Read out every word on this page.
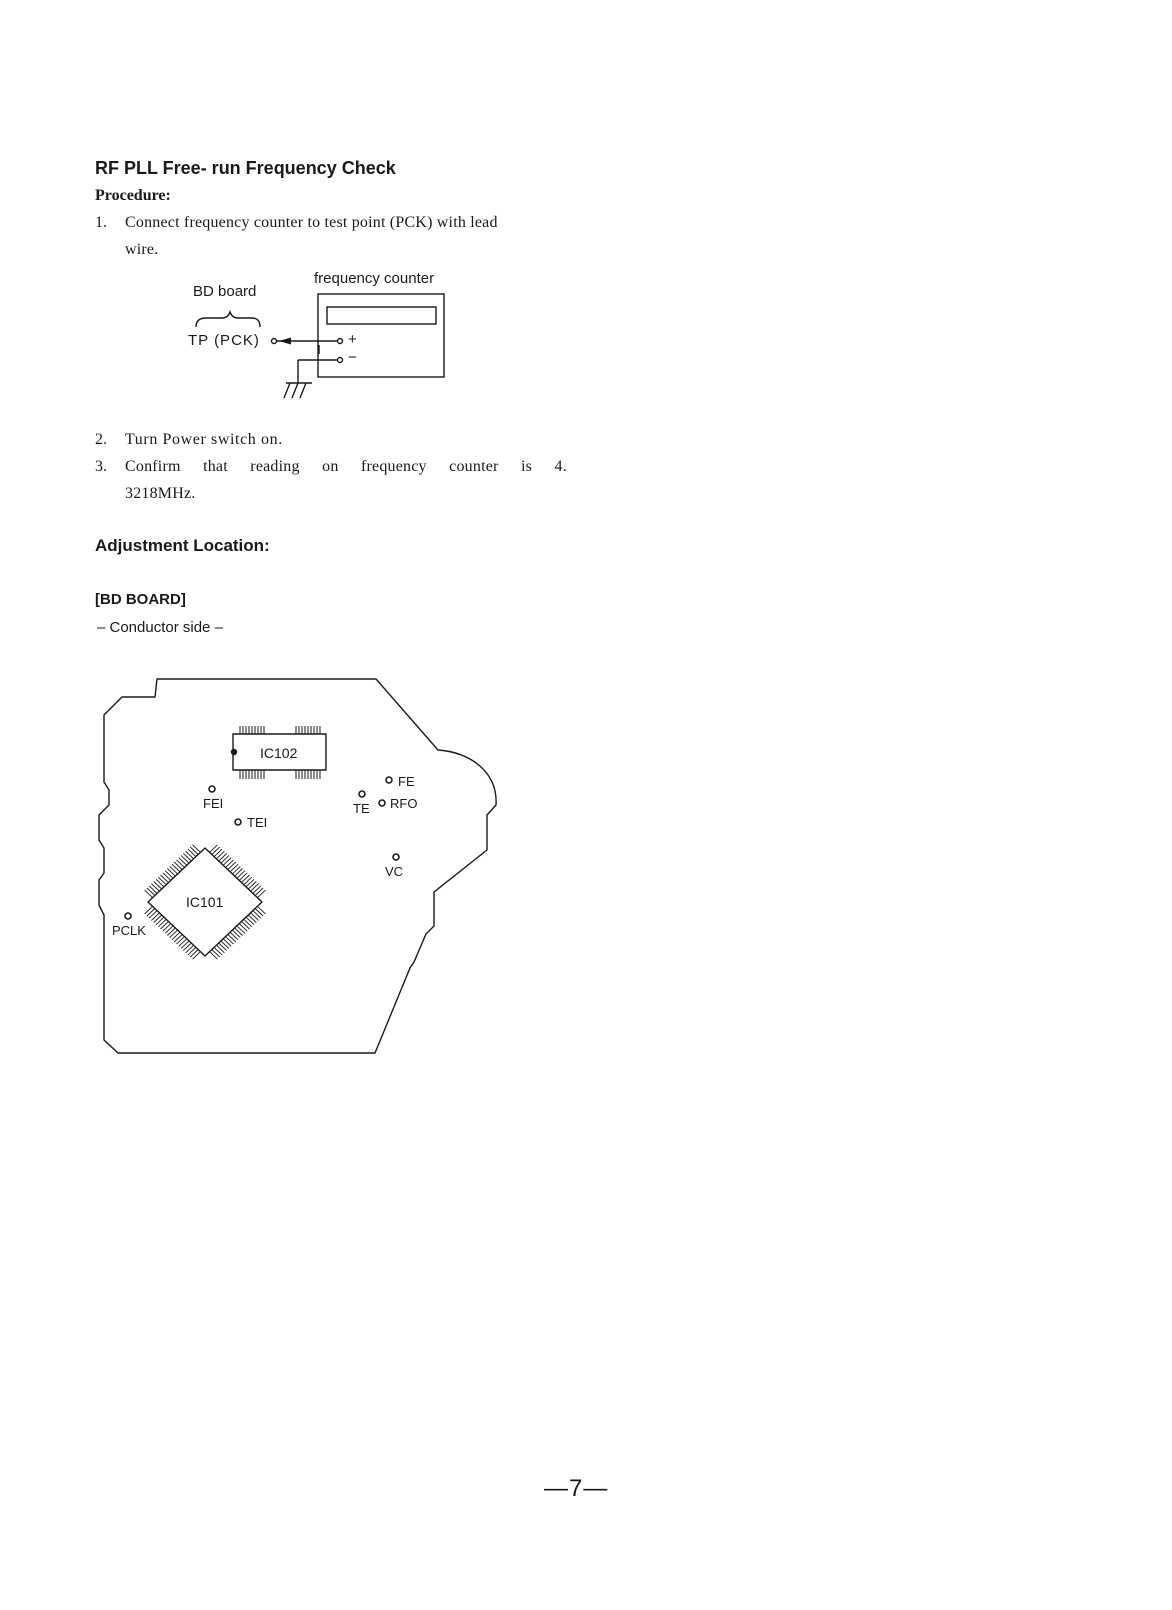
RF PLL Free- run Frequency Check
Procedure:
1. Connect frequency counter to test point (PCK) with lead
wire.
BD board
frequency counter
TP (PCK)	+
−
2. Turn Power switch on.
3. Confirm that reading on frequency counter is 4.
3218MHz.
Adjustment Location:
[BD BOARD]
– Conductor side –
IC102
IC101
FEI
TEI
FE
TE RFO
VC
PCLK
—7—
